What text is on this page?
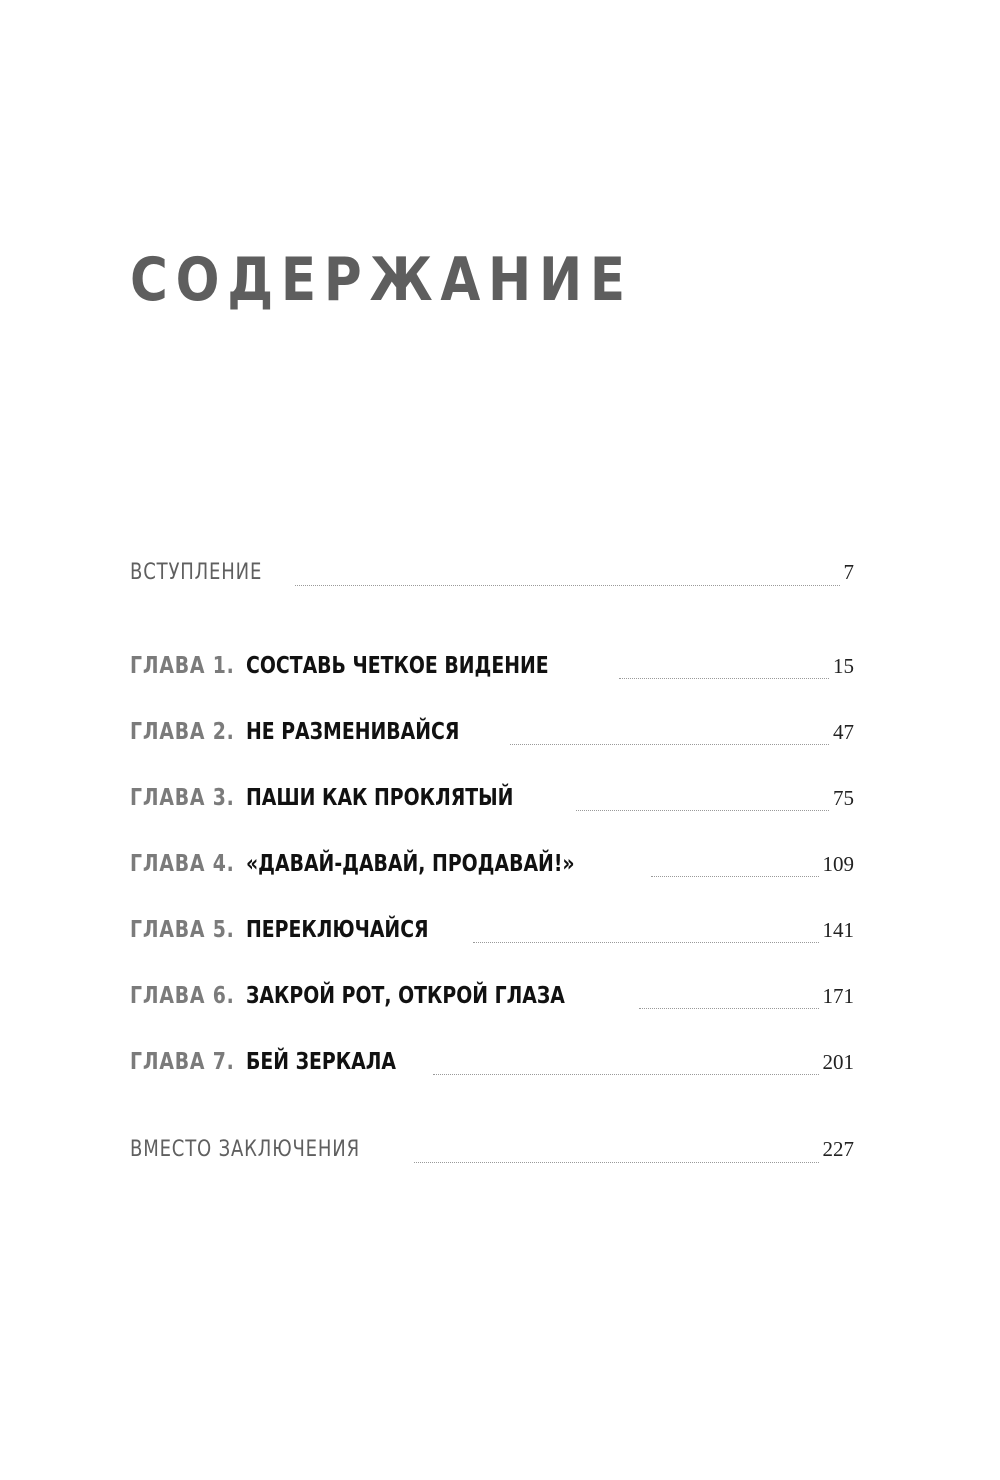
СОДЕРЖАНИЕ
ВСТУПЛЕНИЕ	7
ГЛАВА 1. СОСТАВЬ ЧЕТКОЕ ВИДЕНИЕ	15
ГЛАВА 2. НЕ РАЗМЕНИВАЙСЯ	47
ГЛАВА 3. ПАШИ КАК ПРОКЛЯТЫЙ	75
ГЛАВА 4. «ДАВАЙ-ДАВАЙ, ПРОДАВАЙ!»	109
ГЛАВА 5. ПЕРЕКЛЮЧАЙСЯ	141
ГЛАВА 6. ЗАКРОЙ РОТ, ОТКРОЙ ГЛАЗА	171
ГЛАВА 7. БЕЙ ЗЕРКАЛА	201
ВМЕСТО ЗАКЛЮЧЕНИЯ	227
